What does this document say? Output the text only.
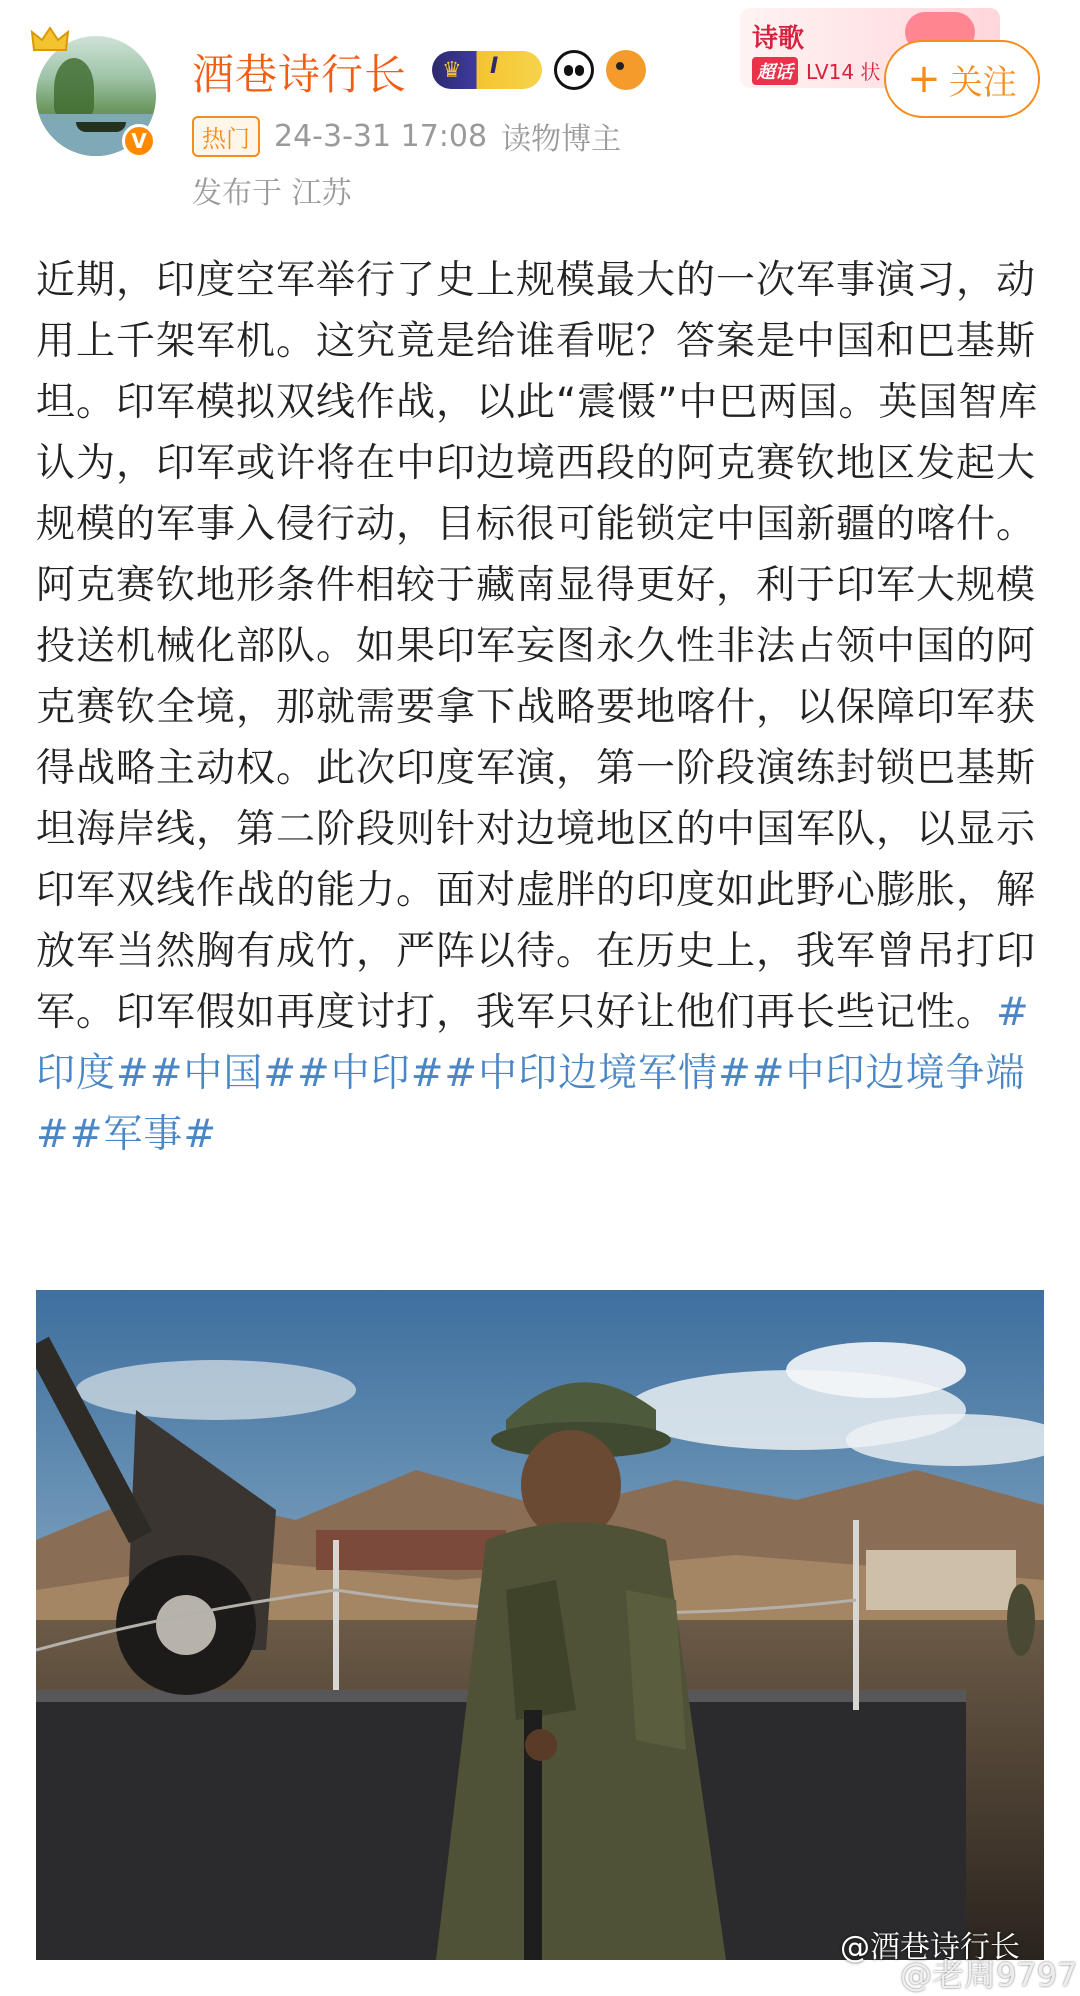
V
酒巷诗行长 ♛ I
热门 24-3-31 17:08 读物博主
发布于 江苏
诗歌
超话 LV14 状 + 关注
近期，印度空军举行了史上规模最大的一次军事演习，动用上千架军机。这究竟是给谁看呢？答案是中国和巴基斯坦。印军模拟双线作战，以此“震慑”中巴两国。英国智库认为，印军或许将在中印边境西段的阿克赛钦地区发起大规模的军事入侵行动，目标很可能锁定中国新疆的喀什。阿克赛钦地形条件相较于藏南显得更好，利于印军大规模投送机械化部队。如果印军妄图永久性非法占领中国的阿克赛钦全境，那就需要拿下战略要地喀什，以保障印军获得战略主动权。此次印度军演，第一阶段演练封锁巴基斯坦海岸线，第二阶段则针对边境地区的中国军队，以显示印军双线作战的能力。面对虚胖的印度如此野心膨胀，解放军当然胸有成竹，严阵以待。在历史上，我军曾吊打印军。印军假如再度讨打，我军只好让他们再长些记性。#印度##中国##中印##中印边境军情##中印边境争端##军事#
@酒巷诗行长
@老周9797
